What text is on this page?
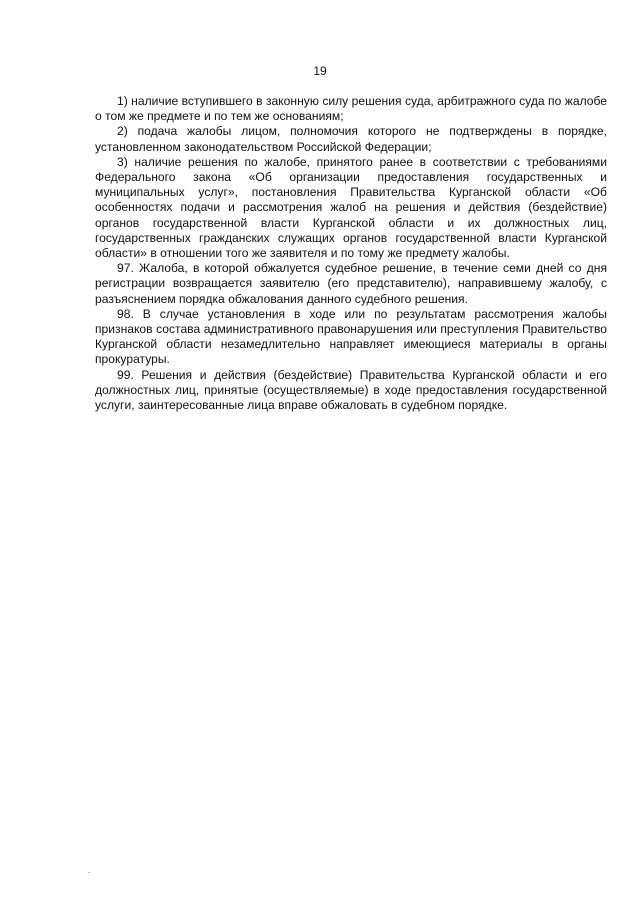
19

1) наличие вступившего в законную силу решения суда, арбитражного суда по жалобе о том же предмете и по тем же основаниям;

2) подача жалобы лицом, полномочия которого не подтверждены в порядке, установленном законодательством Российской Федерации;

3) наличие решения по жалобе, принятого ранее в соответствии с требованиями Федерального закона «Об организации предоставления государственных и муниципальных услуг», постановления Правительства Курганской области «Об особенностях подачи и рассмотрения жалоб на решения и действия (бездействие) органов государственной власти Курганской области и их должностных лиц, государственных гражданских служащих органов государственной власти Курганской области» в отношении того же заявителя и по тому же предмету жалобы.

97. Жалоба, в которой обжалуется судебное решение, в течение семи дней со дня регистрации возвращается заявителю (его представителю), направившему жалобу, с разъяснением порядка обжалования данного судебного решения.

98. В случае установления в ходе или по результатам рассмотрения жалобы признаков состава административного правонарушения или преступления Правительство Курганской области незамедлительно направляет имеющиеся материалы в органы прокуратуры.

99. Решения и действия (бездействие) Правительства Курганской области и его должностных лиц, принятые (осуществляемые) в ходе предоставления государственной услуги, заинтересованные лица вправе обжаловать в судебном порядке.
